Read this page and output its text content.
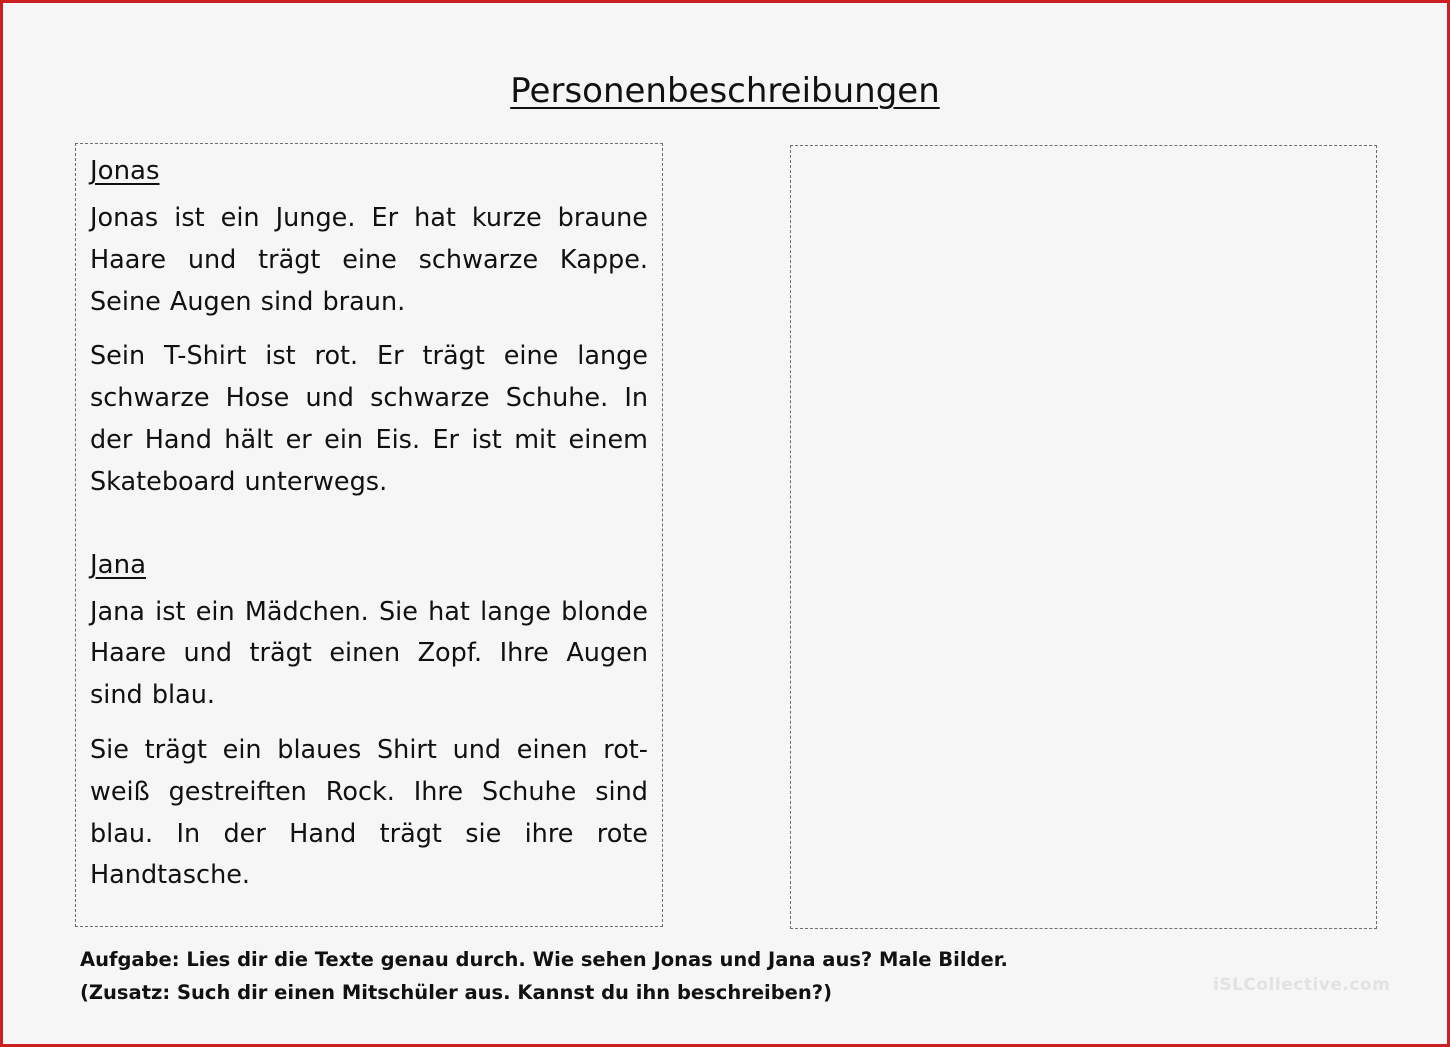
Personenbeschreibungen
Jonas

Jonas ist ein Junge. Er hat kurze braune Haare und trägt eine schwarze Kappe. Seine Augen sind braun.

Sein T-Shirt ist rot. Er trägt eine lange schwarze Hose und schwarze Schuhe. In der Hand hält er ein Eis. Er ist mit einem Skateboard unterwegs.

Jana

Jana ist ein Mädchen. Sie hat lange blonde Haare und trägt einen Zopf. Ihre Augen sind blau.

Sie trägt ein blaues Shirt und einen rot-weiß gestreiften Rock. Ihre Schuhe sind blau. In der Hand trägt sie ihre rote Handtasche.

Aufgabe: Lies dir die Texte genau durch. Wie sehen Jonas und Jana aus? Male Bilder.
(Zusatz: Such dir einen Mitschüler aus. Kannst du ihn beschreiben?)	iSLCollective.com
